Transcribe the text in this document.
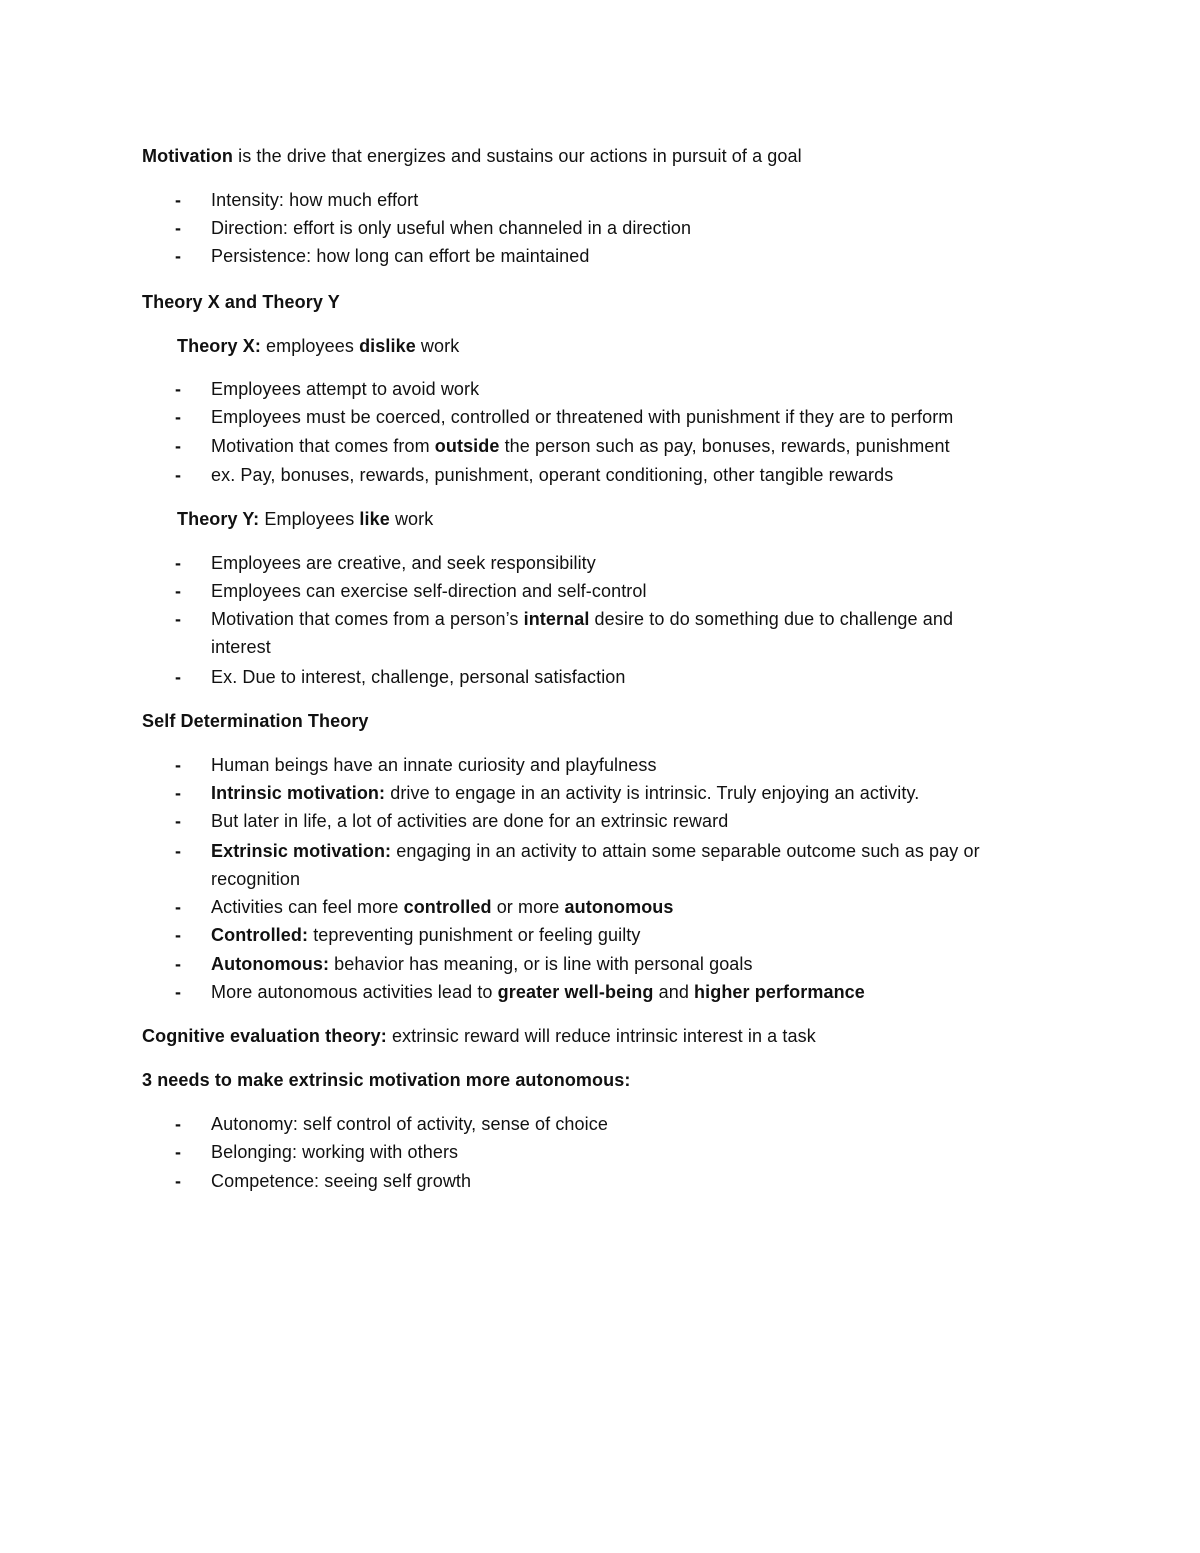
Motivation is the drive that energizes and sustains our actions in pursuit of a goal
- Intensity: how much effort
- Direction: effort is only useful when channeled in a direction
- Persistence: how long can effort be maintained
Theory X and Theory Y
Theory X: employees dislike work
- Employees attempt to avoid work
- Employees must be coerced, controlled or threatened with punishment if they are to perform
- Motivation that comes from outside the person such as pay, bonuses, rewards, punishment
- ex. Pay, bonuses, rewards, punishment, operant conditioning, other tangible rewards
Theory Y: Employees like work
- Employees are creative, and seek responsibility
- Employees can exercise self-direction and self-control
- Motivation that comes from a person’s internal desire to do something due to challenge and
interest
- Ex. Due to interest, challenge, personal satisfaction
Self Determination Theory
- Human beings have an innate curiosity and playfulness
- Intrinsic motivation: drive to engage in an activity is intrinsic. Truly enjoying an activity.
- But later in life, a lot of activities are done for an extrinsic reward
- Extrinsic motivation: engaging in an activity to attain some separable outcome such as pay or
recognition
- Activities can feel more controlled or more autonomous
- Controlled: tepreventing punishment or feeling guilty
- Autonomous: behavior has meaning, or is line with personal goals
- More autonomous activities lead to greater well-being and higher performance
Cognitive evaluation theory: extrinsic reward will reduce intrinsic interest in a task
3 needs to make extrinsic motivation more autonomous:
- Autonomy: self control of activity, sense of choice
- Belonging: working with others
- Competence: seeing self growth
